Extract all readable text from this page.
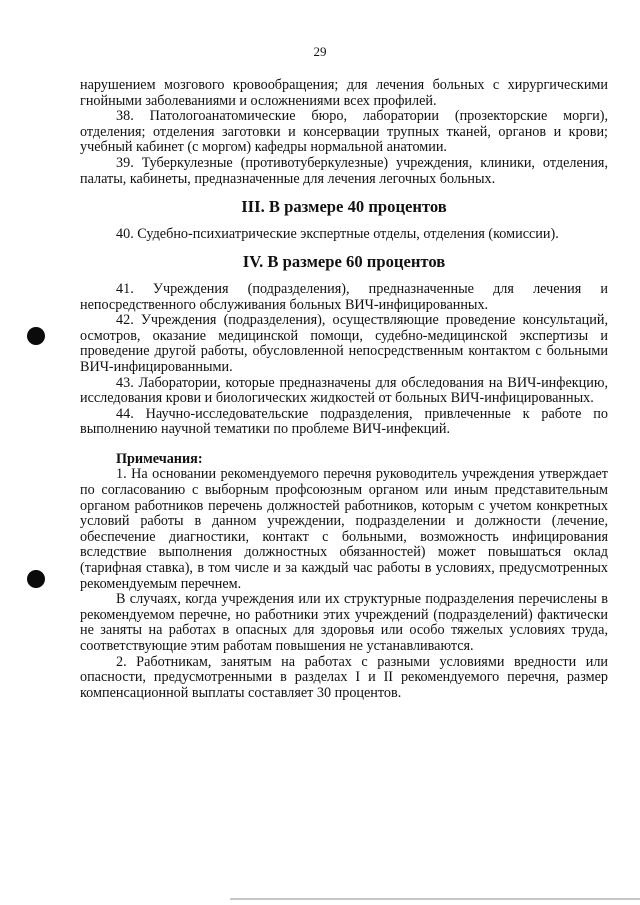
29

нарушением мозгового кровообращения; для лечения больных с хирургическими гнойными заболеваниями и осложнениями всех профилей.

38. Патологоанатомические бюро, лаборатории (прозекторские морги), отделения; отделения заготовки и консервации трупных тканей, органов и крови; учебный кабинет (с моргом) кафедры нормальной анатомии.

39. Туберкулезные (противотуберкулезные) учреждения, клиники, отделения, палаты, кабинеты, предназначенные для лечения легочных больных.

III. В размере 40 процентов

40. Судебно-психиатрические экспертные отделы, отделения (комиссии).

IV. В размере 60 процентов

41. Учреждения (подразделения), предназначенные для лечения и непосредственного обслуживания больных ВИЧ-инфицированных.

42. Учреждения (подразделения), осуществляющие проведение консультаций, осмотров, оказание медицинской помощи, судебно-медицинской экспертизы и проведение другой работы, обусловленной непосредственным контактом с больными ВИЧ-инфицированными.

43. Лаборатории, которые предназначены для обследования на ВИЧ-инфекцию, исследования крови и биологических жидкостей от больных ВИЧ-инфицированных.

44. Научно-исследовательские подразделения, привлеченные к работе по выполнению научной тематики по проблеме ВИЧ-инфекций.

Примечания:

1. На основании рекомендуемого перечня руководитель учреждения утверждает по согласованию с выборным профсоюзным органом или иным представительным органом работников перечень должностей работников, которым с учетом конкретных условий работы в данном учреждении, подразделении и должности (лечение, обеспечение диагностики, контакт с больными, возможность инфицирования вследствие выполнения должностных обязанностей) может повышаться оклад (тарифная ставка), в том числе и за каждый час работы в условиях, предусмотренных рекомендуемым перечнем.

В случаях, когда учреждения или их структурные подразделения перечислены в рекомендуемом перечне, но работники этих учреждений (подразделений) фактически не заняты на работах в опасных для здоровья или особо тяжелых условиях труда, соответствующие этим работам повышения не устанавливаются.

2. Работникам, занятым на работах с разными условиями вредности или опасности, предусмотренными в разделах I и II рекомендуемого перечня, размер компенсационной выплаты составляет 30 процентов.
